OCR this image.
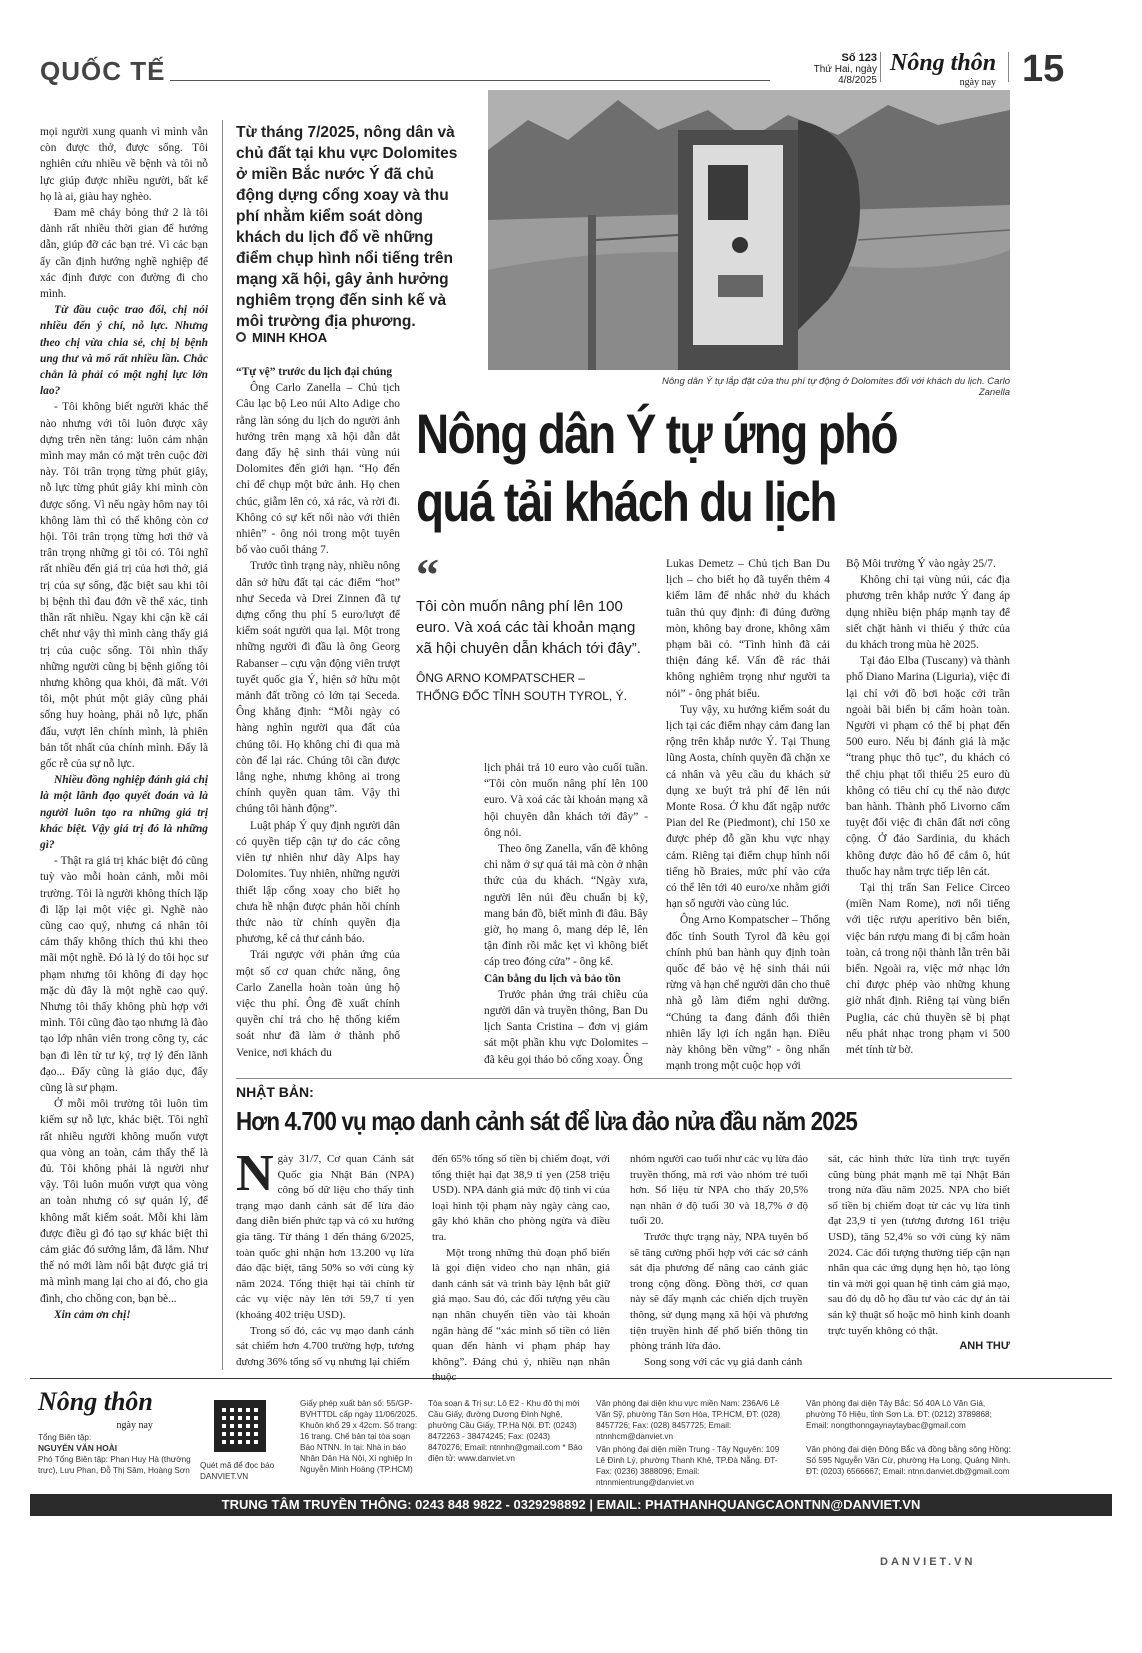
QUỐC TẾ	Số 123
Thứ Hai, ngày 4/8/2025
Nông thôn
ngày nay 15

mọi người xung quanh vì mình vẫn còn được thở, được sống. Tôi nghiên cứu nhiều về bệnh và tôi nỗ lực giúp được nhiều người, bất kể họ là ai, giàu hay nghèo.

Đam mê cháy bỏng thứ 2 là tôi dành rất nhiều thời gian để hướng dẫn, giúp đỡ các bạn trẻ. Vì các bạn ấy cần định hướng nghề nghiệp để xác định được con đường đi cho mình.

Từ đầu cuộc trao đổi, chị nói nhiều đến ý chí, nỗ lực. Nhưng theo chị vừa chia sẻ, chị bị bệnh ung thư và mổ rất nhiều lần. Chắc chắn là phải có một nghị lực lớn lao?

- Tôi không biết người khác thế nào nhưng với tôi luôn được xây dựng trên nền tảng: luôn cảm nhận mình may mắn có mặt trên cuộc đời này. Tôi trân trọng từng phút giây, nỗ lực từng phút giây khi mình còn được sống. Vì nếu ngày hôm nay tôi không làm thì có thể không còn cơ hội. Tôi trân trọng từng hơi thở và trân trọng những gì tôi có. Tôi nghĩ rất nhiều đến giá trị của hơi thở, giá trị của sự sống, đặc biệt sau khi tôi bị bệnh thì đau đớn về thể xác, tinh thần rất nhiều. Ngay khi cận kề cái chết như vậy thì mình càng thấy giá trị của cuộc sống. Tôi nhìn thấy những người cũng bị bệnh giống tôi nhưng không qua khỏi, đã mất. Với tôi, một phút một giây cũng phải sống huy hoàng, phải nỗ lực, phấn đấu, vượt lên chính mình, là phiên bản tốt nhất của chính mình. Đấy là gốc rễ của sự nỗ lực.

Nhiều đồng nghiệp đánh giá chị là một lãnh đạo quyết đoán và là người luôn tạo ra những giá trị khác biệt. Vậy giá trị đó là những gì?

- Thật ra giá trị khác biệt đó cũng tuỳ vào mỗi hoàn cảnh, mỗi môi trường. Tôi là người không thích lặp đi lặp lại một việc gì. Nghề nào cũng cao quý, nhưng cá nhân tôi cảm thấy không thích thú khi theo mãi một nghề. Đó là lý do tôi học sư phạm nhưng tôi không đi dạy học mặc dù đây là một nghề cao quý. Nhưng tôi thấy không phù hợp với mình. Tôi cũng đào tạo nhưng là đào tạo lớp nhân viên trong công ty, các bạn đi lên từ tư ký, trợ lý đến lãnh đạo... Đấy cũng là giáo dục, đấy cũng là sư phạm.

Ở mỗi môi trường tôi luôn tìm kiếm sự nỗ lực, khác biệt. Tôi nghĩ rất nhiều người không muốn vượt qua vòng an toàn, cảm thấy thế là đủ. Tôi không phải là người như vậy. Tôi luôn muốn vượt qua vòng an toàn nhưng có sự quản lý, để không mất kiểm soát. Mỗi khi làm được điều gì đó tạo sự khác biệt thì cảm giác đó sướng lắm, đã lắm. Như thế nó mới làm nổi bật được giá trị mà mình mang lại cho ai đó, cho gia đình, cho chồng con, bạn bè...

Xin cảm ơn chị!

Từ tháng 7/2025, nông dân và chủ đất tại khu vực Dolomites ở miền Bắc nước Ý đã chủ động dựng cổng xoay và thu phí nhằm kiểm soát dòng khách du lịch đổ về những điểm chụp hình nổi tiếng trên mạng xã hội, gây ảnh hưởng nghiêm trọng đến sinh kế và môi trường địa phương.
MINH KHOA
Nông dân Ý tự lắp đặt cửa thu phí tự động ở Dolomites đối với khách du lịch. Carlo Zanella
Nông dân Ý tự ứng phó quá tải khách du lịch

“Tự vệ” trước du lịch đại chúng

Ông Carlo Zanella – Chủ tịch Câu lạc bộ Leo núi Alto Adige cho rằng làn sóng du lịch do người ảnh hưởng trên mạng xã hội dẫn dắt đang đẩy hệ sinh thái vùng núi Dolomites đến giới hạn. “Họ đến chỉ để chụp một bức ảnh. Họ chen chúc, giẫm lên cỏ, xả rác, và rời đi. Không có sự kết nối nào với thiên nhiên” - ông nói trong một tuyên bố vào cuối tháng 7.

Trước tình trạng này, nhiều nông dân sở hữu đất tại các điểm “hot” như Seceda và Drei Zinnen đã tự dựng cổng thu phí 5 euro/lượt để kiểm soát người qua lại. Một trong những người đi đầu là ông Georg Rabanser – cựu vận động viên trượt tuyết quốc gia Ý, hiện sở hữu một mảnh đất trồng cỏ lớn tại Seceda. Ông khẳng định: “Mỗi ngày có hàng nghìn người qua đất của chúng tôi. Họ không chỉ đi qua mà còn để lại rác. Chúng tôi cần được lắng nghe, nhưng không ai trong chính quyền quan tâm. Vậy thì chúng tôi hành động”.

Luật pháp Ý quy định người dân có quyền tiếp cận tự do các công viên tự nhiên như dãy Alps hay Dolomites. Tuy nhiên, những người thiết lập cổng xoay cho biết họ chưa hề nhận được phản hồi chính thức nào từ chính quyền địa phương, kể cả thư cảnh báo.

Trái ngược với phản ứng của một số cơ quan chức năng, ông Carlo Zanella hoàn toàn ủng hộ việc thu phí. Ông đề xuất chính quyền chỉ trả cho hệ thống kiểm soát như đã làm ở thành phố Venice, nơi khách du

“
Tôi còn muốn nâng phí lên 100 euro. Và xoá các tài khoản mạng xã hội chuyên dẫn khách tới đây”.
ÔNG ARNO KOMPATSCHER –
THỐNG ĐỐC TỈNH SOUTH TYROL, Ý.

lịch phải trả 10 euro vào cuối tuần. “Tôi còn muốn nâng phí lên 100 euro. Và xoá các tài khoản mạng xã hội chuyên dẫn khách tới đây” - ông nói.

Theo ông Zanella, vấn đề không chỉ nằm ở sự quá tải mà còn ở nhận thức của du khách. “Ngày xưa, người lên núi đều chuẩn bị kỹ, mang bản đồ, biết mình đi đâu. Bây giờ, họ mang ô, mang dép lê, lên tận đỉnh rồi mắc kẹt vì không biết cáp treo đóng cửa” - ông kể.

Cân bằng du lịch và bảo tồn

Trước phản ứng trái chiều của người dân và truyền thông, Ban Du lịch Santa Cristina – đơn vị giám sát một phần khu vực Dolomites – đã kêu gọi tháo bỏ cổng xoay. Ông

Lukas Demetz – Chủ tịch Ban Du lịch – cho biết họ đã tuyển thêm 4 kiểm lâm để nhắc nhở du khách tuân thủ quy định: đi đúng đường mòn, không bay drone, không xâm phạm bãi cỏ. “Tình hình đã cải thiện đáng kể. Vấn đề rác thải không nghiêm trọng như người ta nói” - ông phát biểu.

Tuy vậy, xu hướng kiểm soát du lịch tại các điểm nhạy cảm đang lan rộng trên khắp nước Ý. Tại Thung lũng Aosta, chính quyền đã chặn xe cá nhân và yêu cầu du khách sử dụng xe buýt trả phí để lên núi Monte Rosa. Ở khu đất ngập nước Pian del Re (Piedmont), chỉ 150 xe được phép đỗ gần khu vực nhạy cảm. Riêng tại điểm chụp hình nổi tiếng hồ Braies, mức phí vào cửa có thể lên tới 40 euro/xe nhằm giới hạn số người vào cùng lúc.

Ông Arno Kompatscher – Thống đốc tỉnh South Tyrol đã kêu gọi chính phủ ban hành quy định toàn quốc để bảo vệ hệ sinh thái núi rừng và hạn chế người dân cho thuê nhà gỗ làm điểm nghỉ dưỡng. “Chúng ta đang đánh đổi thiên nhiên lấy lợi ích ngắn hạn. Điều này không bền vững” - ông nhấn mạnh trong một cuộc họp với

Bộ Môi trường Ý vào ngày 25/7.

Không chỉ tại vùng núi, các địa phương trên khắp nước Ý đang áp dụng nhiều biện pháp mạnh tay để siết chặt hành vi thiếu ý thức của du khách trong mùa hè 2025.

Tại đảo Elba (Tuscany) và thành phố Diano Marina (Liguria), việc đi lại chỉ với đồ bơi hoặc cởi trần ngoài bãi biển bị cấm hoàn toàn. Người vi phạm có thể bị phạt đến 500 euro. Nếu bị đánh giá là mặc “trang phục thô tục”, du khách có thể chịu phạt tối thiểu 25 euro dù không có tiêu chí cụ thể nào được ban hành. Thành phố Livorno cấm tuyệt đối việc đi chân đất nơi công cộng. Ở đảo Sardinia, du khách không được đào hố để cắm ô, hút thuốc hay nằm trực tiếp lên cát.

Tại thị trấn San Felice Circeo (miền Nam Rome), nơi nổi tiếng với tiệc rượu aperitivo bên biển, việc bán rượu mang đi bị cấm hoàn toàn, cả trong nội thành lẫn trên bãi biển. Ngoài ra, việc mở nhạc lớn chỉ được phép vào những khung giờ nhất định. Riêng tại vùng biển Puglia, các chủ thuyền sẽ bị phạt nếu phát nhạc trong phạm vi 500 mét tính từ bờ.

NHẬT BẢN:
Hơn 4.700 vụ mạo danh cảnh sát để lừa đảo nửa đầu năm 2025

Ngày 31/7, Cơ quan Cảnh sát Quốc gia Nhật Bản (NPA) công bố dữ liệu cho thấy tình trạng mạo danh cảnh sát để lừa đảo đang diễn biến phức tạp và có xu hướng gia tăng. Từ tháng 1 đến tháng 6/2025, toàn quốc ghi nhận hơn 13.200 vụ lừa đảo đặc biệt, tăng 50% so với cùng kỳ năm 2024. Tổng thiệt hại tài chính từ các vụ việc này lên tới 59,7 tỉ yen (khoảng 402 triệu USD).

Trong số đó, các vụ mạo danh cảnh sát chiếm hơn 4.700 trường hợp, tương đương 36% tổng số vụ nhưng lại chiếm

đến 65% tổng số tiền bị chiếm đoạt, với tổng thiệt hại đạt 38,9 tỉ yen (258 triệu USD). NPA đánh giá mức độ tinh vi của loại hình tội phạm này ngày càng cao, gây khó khăn cho phòng ngừa và điều tra.

Một trong những thủ đoạn phổ biến là gọi điện video cho nạn nhân, giả danh cảnh sát và trình bày lệnh bắt giữ giả mạo. Sau đó, các đối tượng yêu cầu nạn nhân chuyển tiền vào tài khoản ngân hàng để “xác minh số tiền có liên quan đến hành vi phạm pháp hay không”. Đáng chú ý, nhiều nạn nhân

nhóm người cao tuổi như các vụ lừa đảo truyền thống, mà rơi vào nhóm trẻ tuổi hơn. Số liệu từ NPA cho thấy 20,5% nạn nhân ở độ tuổi 30 và 18,7% ở độ tuổi 20.

Trước thực trạng này, NPA tuyên bố sẽ tăng cường phối hợp với các sở cảnh sát địa phương để nâng cao cảnh giác trong cộng đồng. Đồng thời, cơ quan này sẽ đẩy mạnh các chiến dịch truyền thông, sử dụng mạng xã hội và phương tiện truyền hình để phổ biến thông tin phòng tránh lừa đảo.

Song song với các vụ giả danh cảnh

sát, các hình thức lừa tình trực tuyến cũng bùng phát mạnh mẽ tại Nhật Bản trong nửa đầu năm 2025. NPA cho biết số tiền bị chiếm đoạt từ các vụ lừa tình đạt 23,9 tỉ yen (tương đương 161 triệu USD), tăng 52,4% so với cùng kỳ năm 2024. Các đối tượng thường tiếp cận nạn nhân qua các ứng dụng hẹn hò, tạo lòng tin và mời gọi quan hệ tình cảm giả mạo, sau đó dụ dỗ họ đầu tư vào các dự án tài sản kỹ thuật số hoặc mô hình kinh doanh trực tuyến không có thật.

ANH THƯ

Nông thôn
ngày nay
Tổng Biên tập:
NGUYỄN VĂN HOÀI
Phó Tổng Biên tập: Phan Huy Hà (thường trực), Lưu Phan, Đỗ Thị Sâm, Hoàng Sơn
Quét mã để đọc báo DANVIET.VN
Giấy phép xuất bản số: 55/GP-BVHTTDL cấp ngày 11/06/2025. Khuôn khổ 29 x 42cm. Số trang: 16 trang. Chế bản tại tòa soạn Báo NTNN. In tại: Nhà in báo Nhân Dân Hà Nội, Xí nghiệp In Nguyễn Minh Hoàng (TP.HCM)
Tòa soạn & Trị sự: Lô E2 - Khu đô thị mới Cầu Giấy, đường Dương Đình Nghệ, phường Cầu Giấy, TP.Hà Nội. ĐT: (0243) 8472263 - 38474245; Fax: (0243) 8470276; Email: ntnnhn@gmail.com * Báo điện tử: www.danviet.vn
Văn phòng đại diện khu vực miền Nam: 236A/6 Lê Văn Sỹ, phường Tân Sơn Hòa, TP.HCM, ĐT: (028) 8457726; Fax: (028) 8457725; Email: ntnnhcm@danviet.vn
Văn phòng đại diện miền Trung - Tây Nguyên: 109 Lê Đình Lý, phường Thanh Khê, TP.Đà Nẵng. ĐT-Fax: (0236) 3888096; Email: ntnnmientrung@danviet.vn
Văn phòng đại diện Tây Bắc: Số 40A Lò Văn Giá, phường Tô Hiệu, tỉnh Sơn La. ĐT: (0212) 3789868; Email: nongthonngaynaytaybac@gmail.com
Văn phòng đại diện Đông Bắc và đồng bằng sông Hồng: Số 595 Nguyễn Văn Cừ, phường Hạ Long, Quảng Ninh. ĐT: (0203) 6566667; Email: ntnn.danviet.db@gmail.com
TRUNG TÂM TRUYỀN THÔNG: 0243 848 9822 - 0329298892 | EMAIL: PHATHANHQUANGCAONTNN@DANVIET.VN
DANVIET.VN
